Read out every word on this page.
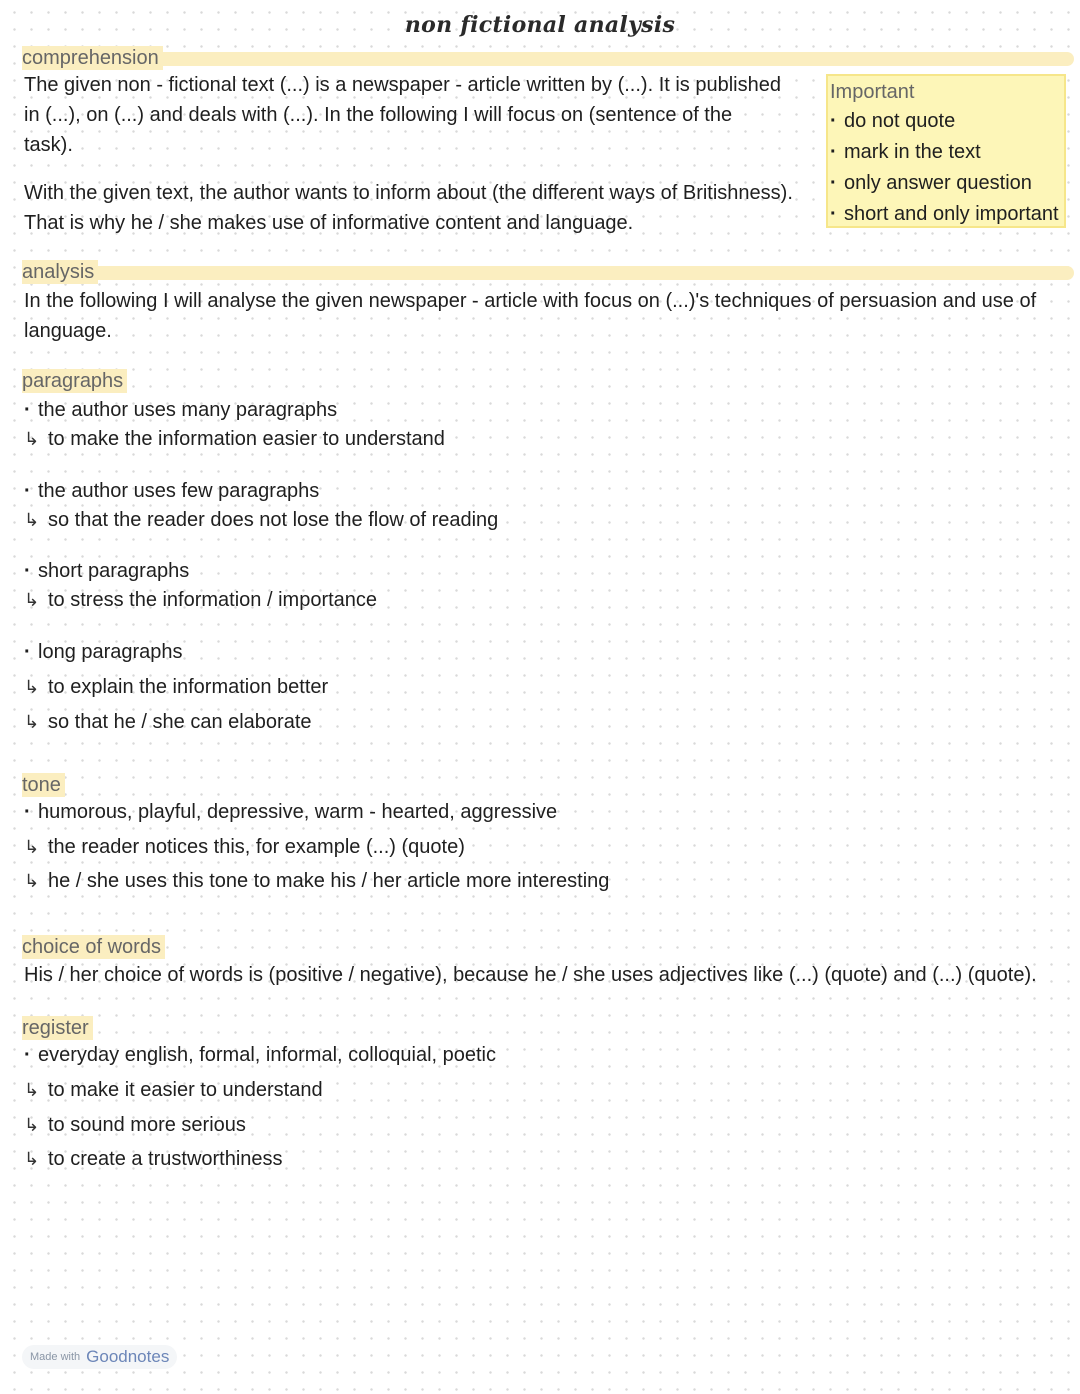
non fictional analysis
comprehension
The given non - fictional text (...) is a newspaper - article written by (...). It is published
in (...), on (...) and deals with (...). In the following I will focus on (sentence of the
task).
With the given text, the author wants to inform about (the different ways of Britishness).
That is why he / she makes use of informative content and language.
Important
· do not quote
· mark in the text
· only answer question
· short and only important
analysis
In the following I will analyse the given newspaper - article with focus on (...)'s techniques of persuasion and use of
language.
paragraphs
· the author uses many paragraphs
↳ to make the information easier to understand
· the author uses few paragraphs
↳ so that the reader does not lose the flow of reading
· short paragraphs
↳ to stress the information / importance
· long paragraphs
↳ to explain the information better
↳ so that he / she can elaborate
tone
· humorous, playful, depressive, warm - hearted, aggressive
↳ the reader notices this, for example (...) (quote)
↳ he / she uses this tone to make his / her article more interesting
choice of words
His / her choice of words is (positive / negative), because he / she uses adjectives like (...) (quote) and (...) (quote).
register
· everyday english, formal, informal, colloquial, poetic
↳ to make it easier to understand
↳ to sound more serious
↳ to create a trustworthiness
Made with Goodnotes
